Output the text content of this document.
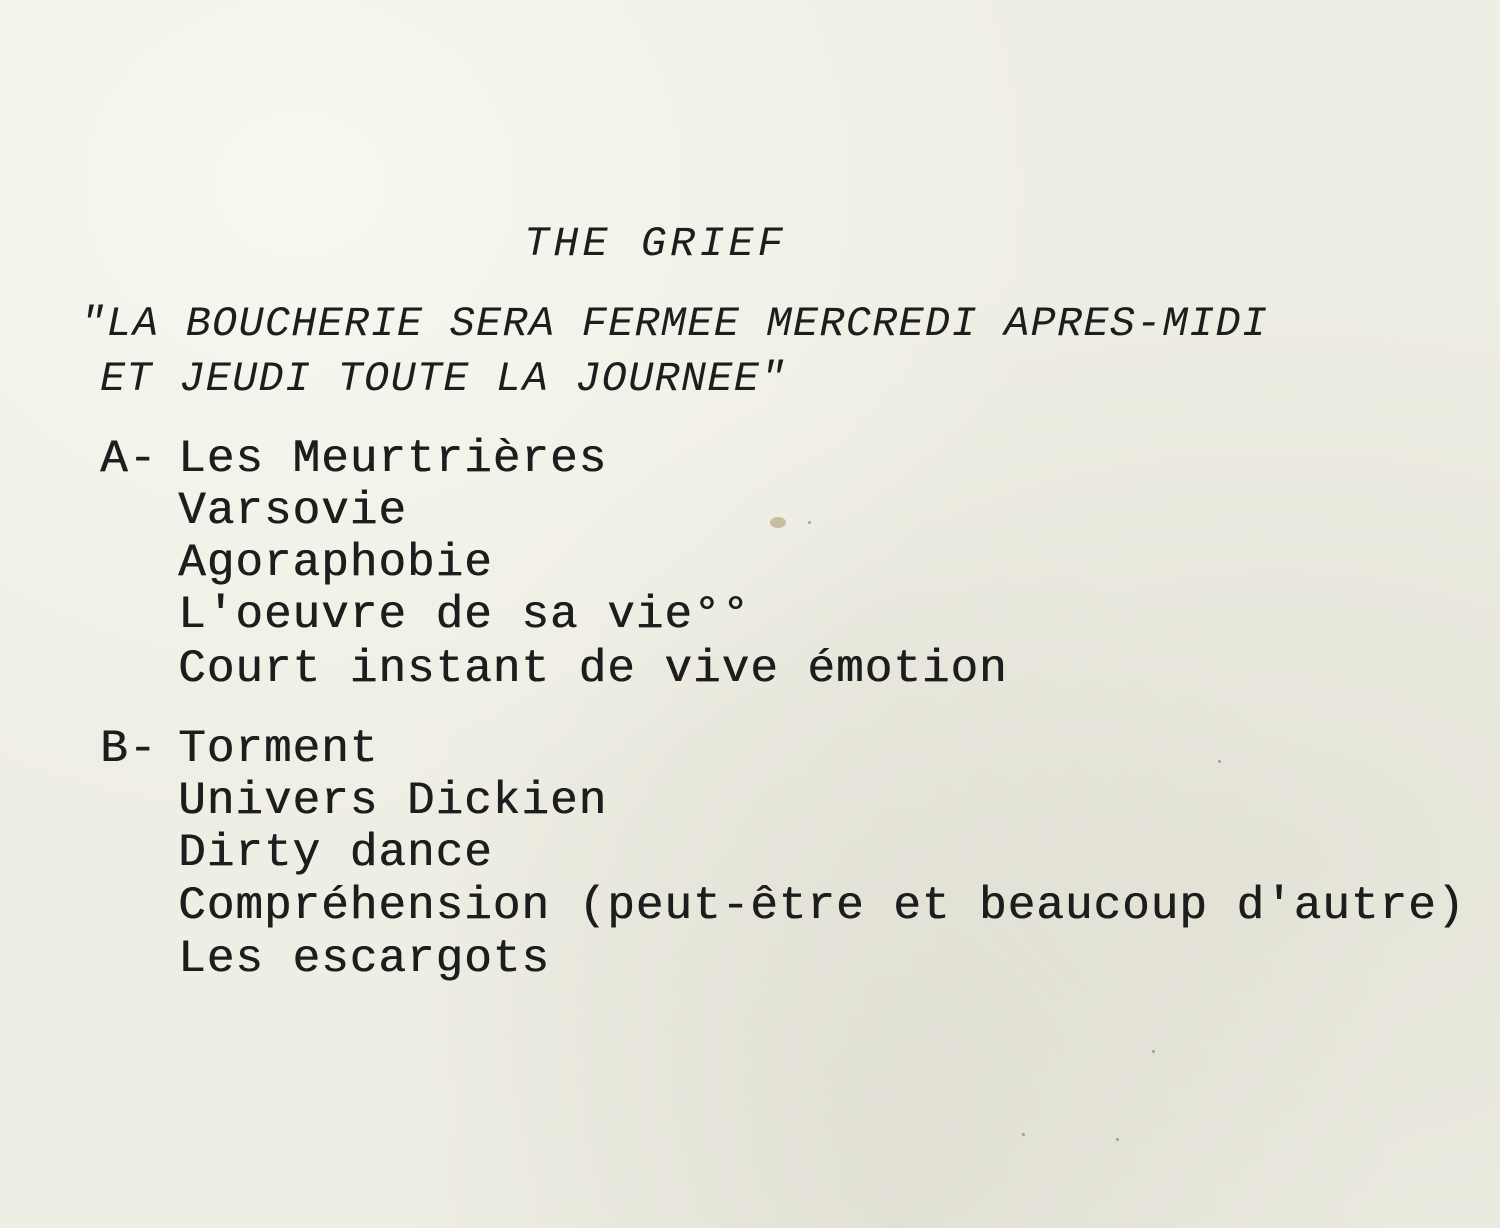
THE GRIEF
"LA BOUCHERIE SERA FERMEE MERCREDI APRES-MIDI
ET JEUDI TOUTE LA JOURNEE"
A- Les Meurtrières
Varsovie
Agoraphobie
L'oeuvre de sa vie°°
Court instant de vive émotion
B- Torment
Univers Dickien
Dirty dance
Compréhension (peut-être et beaucoup d'autre)
Les escargots
